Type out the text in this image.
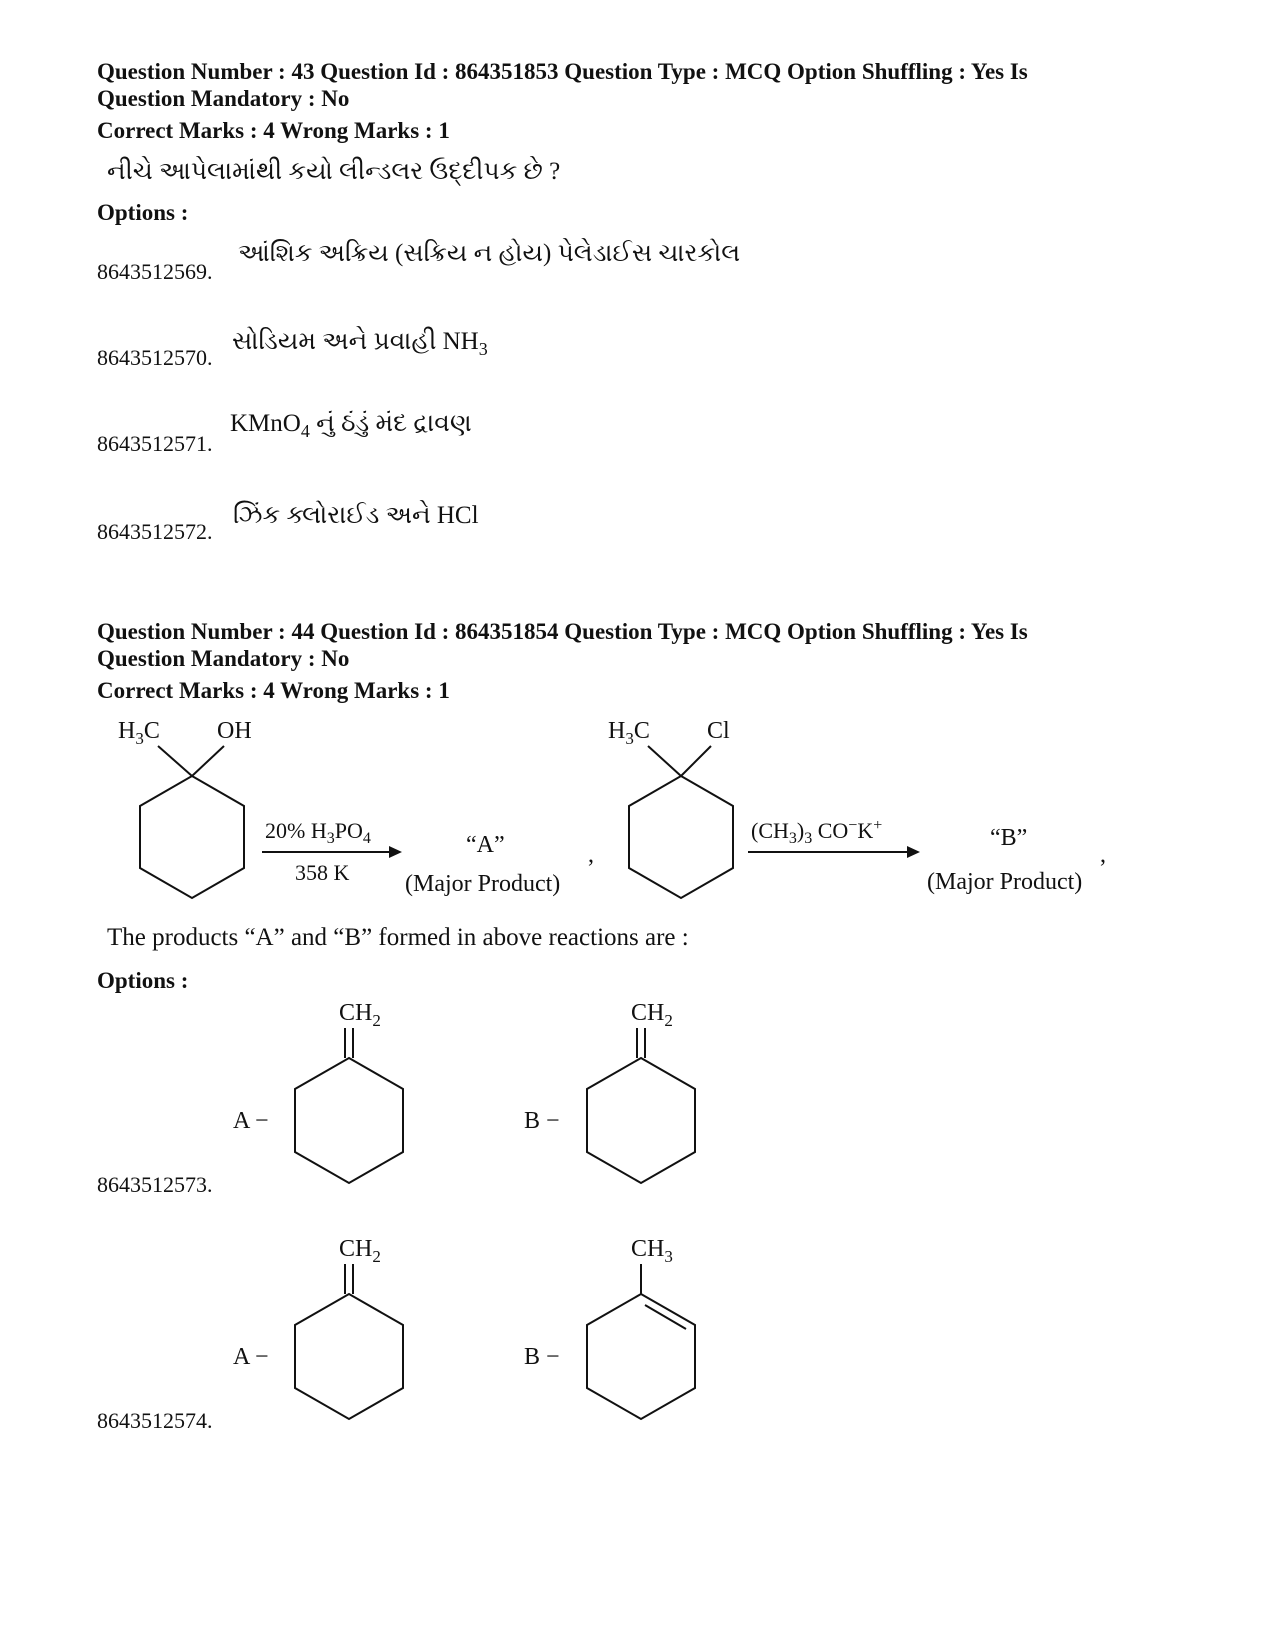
Question Number : 43 Question Id : 864351853 Question Type : MCQ Option Shuffling : Yes Is
Question Mandatory : No
Correct Marks : 4 Wrong Marks : 1
નીચે આપેલામાંથી કયો લીન્ડલર ઉદ્દીપક છે ?
Options :
આંશિક અક્રિય (સક્રિય ન હોય) પેલેડાઈસ ચારકોલ
8643512569.
સોડિયમ અને પ્રવાહી $NH_3$
8643512570.
KMnO$_4$ નું ઠંડું મંદ દ્રાવણ
8643512571.
ઝિંક ક્લોરાઈડ અને HCl
8643512572.
Question Number : 44 Question Id : 864351854 Question Type : MCQ Option Shuffling : Yes Is
Question Mandatory : No
Correct Marks : 4 Wrong Marks : 1
$H_3C$ OH
20% $H_3PO_4$
358 K
“A”
(Major Product)
,
$H_3C$ Cl
$(CH_3)_3$ CO−K+	“B”
(Major Product)
,
The products “A” and “B” formed in above reactions are :
Options :
$CH_2$
A −
$CH_2$
B −
8643512573.
$CH_2$
A −
$CH_3$
B −
8643512574.
